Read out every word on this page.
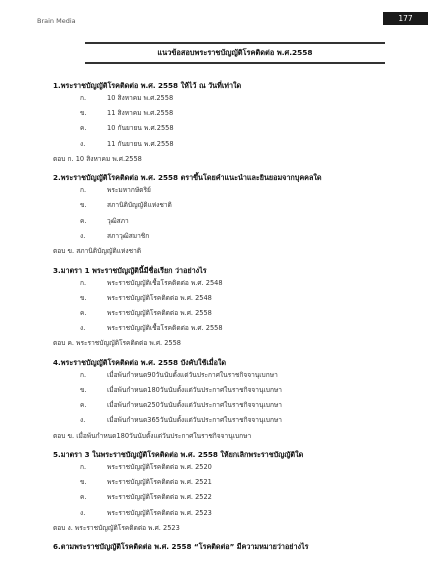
Brain Media	177
แนวข้อสอบพระราชบัญญัติโรคติดต่อ พ.ศ.2558
1.พระราชบัญญัติโรคติดต่อ พ.ศ. 2558 ให้ไว้ ณ วันที่เท่าใด
ก.	10 สิงหาคม พ.ศ.2558
ข.	11 สิงหาคม พ.ศ.2558
ค.	10 กันยายน พ.ศ.2558
ง.	11 กันยายน พ.ศ.2558
ตอบ ก. 10 สิงหาคม พ.ศ.2558
2.พระราชบัญญัติโรคติดต่อ พ.ศ. 2558 ตราขึ้นโดยคำแนะนำและยินยอมจากบุคคลใด
ก.	พระมหากษัตริย์
ข.	สภานิติบัญญัติแห่งชาติ
ค.	วุฒิสภา
ง.	สภาวุฒิสมาชิก
ตอบ ข. สภานิติบัญญัติแห่งชาติ
3.มาตรา 1 พระราชบัญญัตินี้มีชื่อเรียก ว่าอย่างไร
ก.	พระราชบัญญัติเชื้อโรคติดต่อ พ.ศ. 2548
ข.	พระราชบัญญัติโรคติดต่อ พ.ศ. 2548
ค.	พระราชบัญญัติโรคติดต่อ พ.ศ. 2558
ง.	พระราชบัญญัติเชื้อโรคติดต่อ พ.ศ. 2558
ตอบ ค. พระราชบัญญัติโรคติดต่อ พ.ศ. 2558
4.พระราชบัญญัติโรคติดต่อ พ.ศ. 2558 บังคับใช้เมื่อใด
ก.	เมื่อพ้นกำหนด90วันนับตั้งแต่วันประกาศในราชกิจจานุเบกษา
ข.	เมื่อพ้นกำหนด180วันนับตั้งแต่วันประกาศในราชกิจจานุเบกษา
ค.	เมื่อพ้นกำหนด250วันนับตั้งแต่วันประกาศในราชกิจจานุเบกษา
ง.	เมื่อพ้นกำหนด365วันนับตั้งแต่วันประกาศในราชกิจจานุเบกษา
ตอบ ข. เมื่อพ้นกำหนด180วันนับตั้งแต่วันประกาศในราชกิจจานุเบกษา
5.มาตรา 3 ในพระราชบัญญัติโรคติดต่อ พ.ศ. 2558 ให้ยกเลิกพระราชบัญญัติใด
ก.	พระราชบัญญัติโรคติดต่อ พ.ศ. 2520
ข.	พระราชบัญญัติโรคติดต่อ พ.ศ. 2521
ค.	พระราชบัญญัติโรคติดต่อ พ.ศ. 2522
ง.	พระราชบัญญัติโรคติดต่อ พ.ศ. 2523
ตอบ ง. พระราชบัญญัติโรคติดต่อ พ.ศ. 2523
6.ตามพระราชบัญญัติโรคติดต่อ พ.ศ. 2558 “โรคติดต่อ” มีความหมายว่าอย่างไร
